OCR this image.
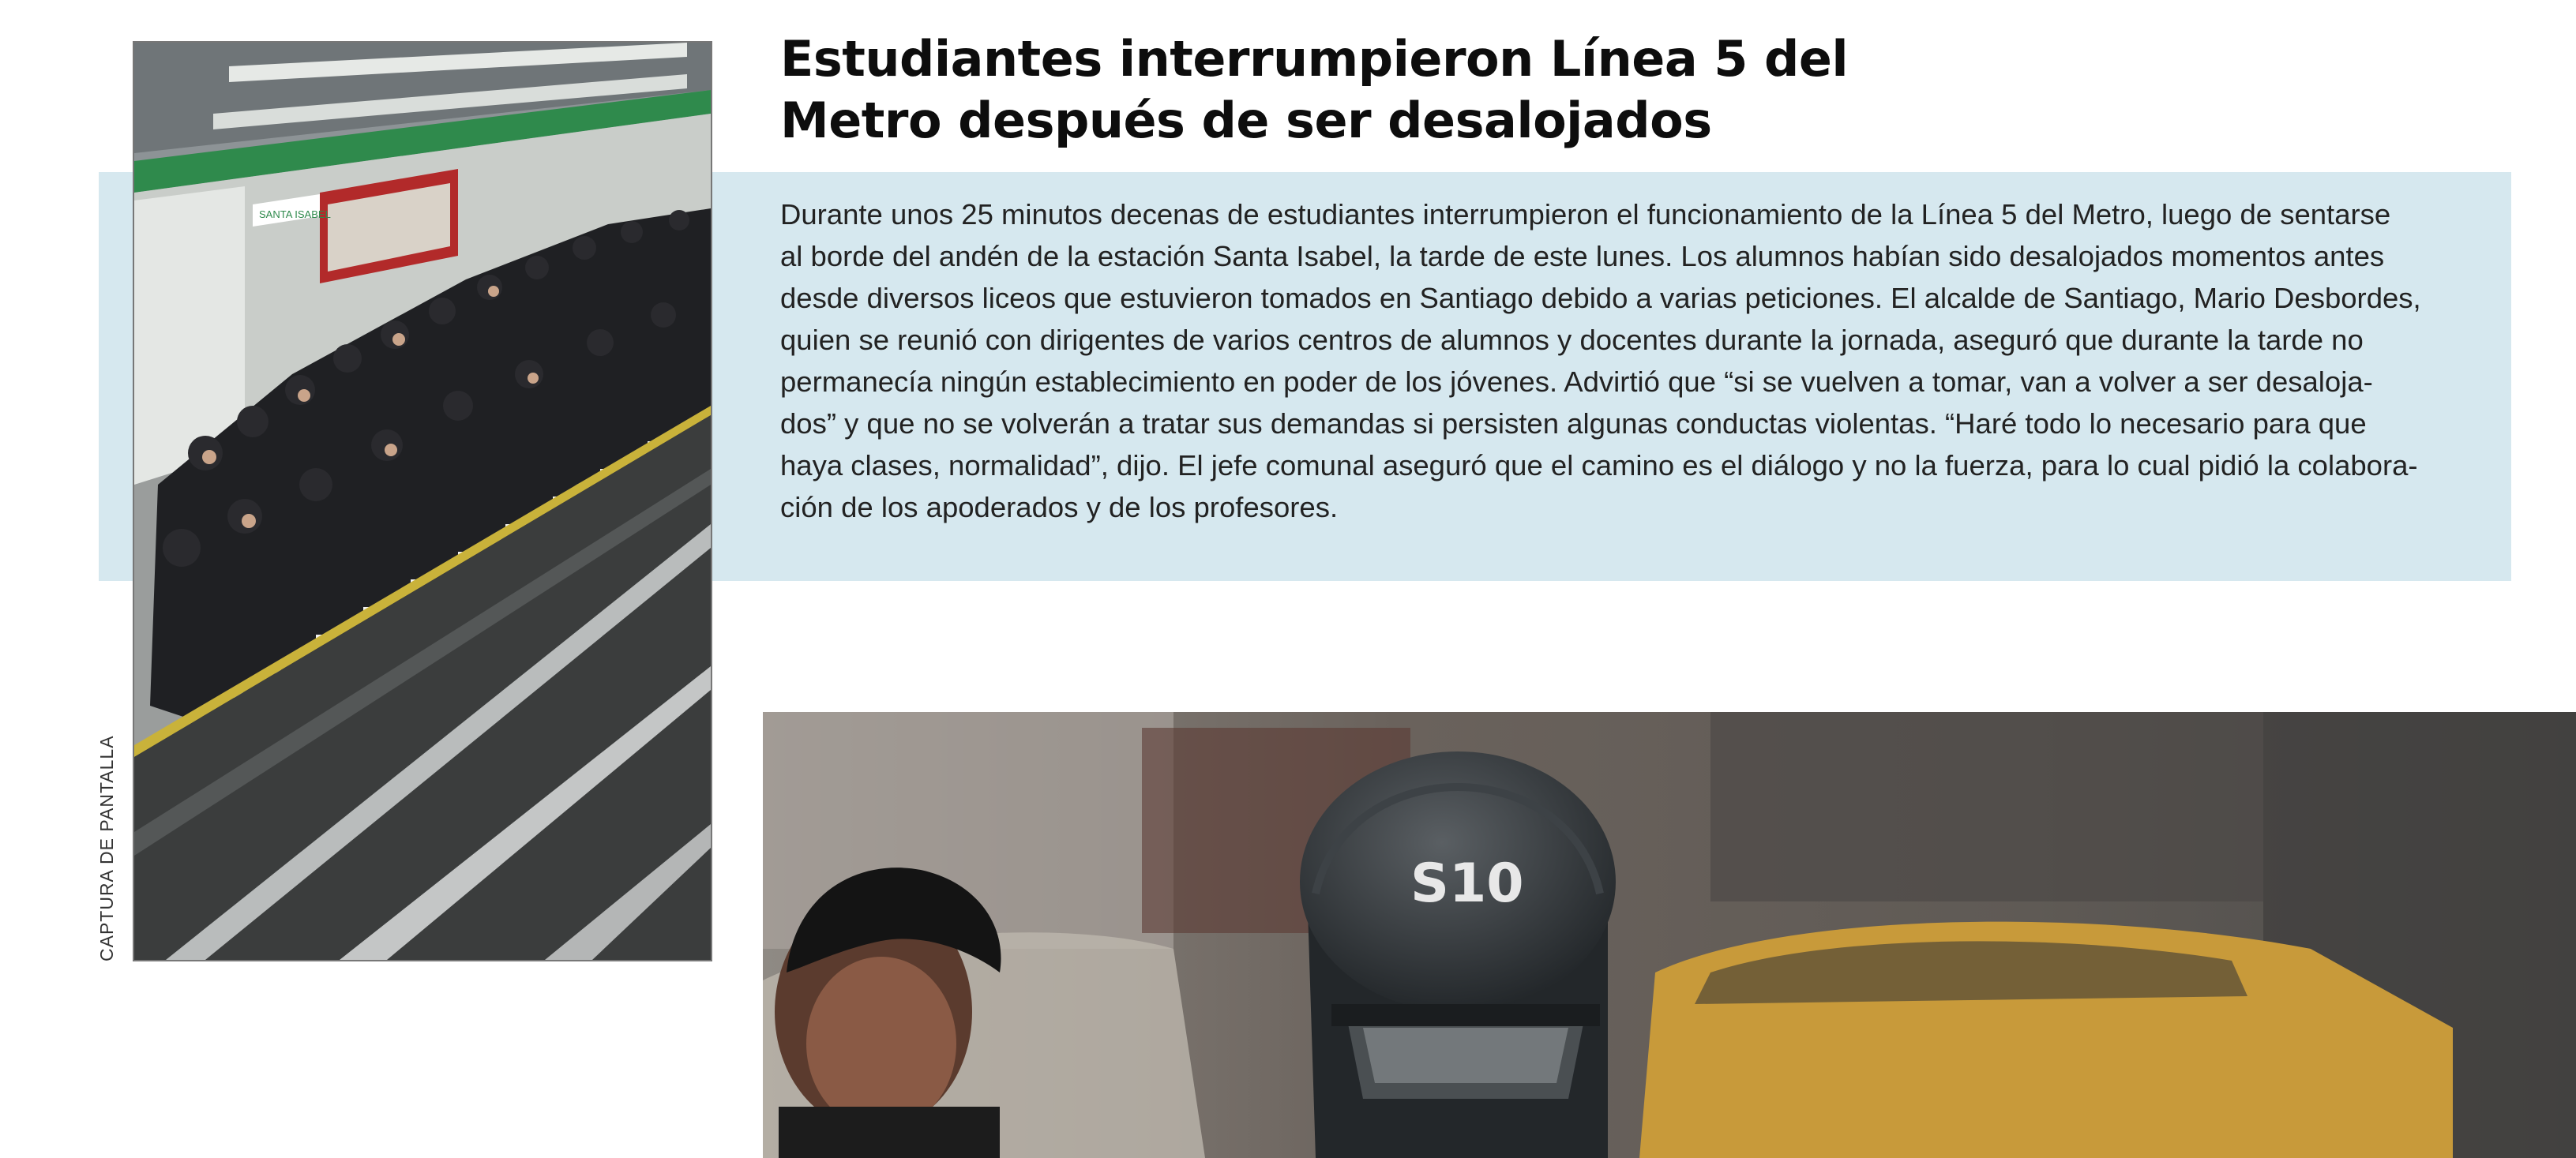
Estudiantes interrumpieron Línea 5 del
Metro después de ser desalojados

Durante unos 25 minutos decenas de estudiantes interrumpieron el funcionamiento de la Línea 5 del Metro, luego de sentarse
al borde del andén de la estación Santa Isabel, la tarde de este lunes. Los alumnos habían sido desalojados momentos antes
desde diversos liceos que estuvieron tomados en Santiago debido a varias peticiones. El alcalde de Santiago, Mario Desbordes,
quien se reunió con dirigentes de varios centros de alumnos y docentes durante la jornada, aseguró que durante la tarde no
permanecía ningún establecimiento en poder de los jóvenes. Advirtió que “si se vuelven a tomar, van a volver a ser desaloja-
dos” y que no se volverán a tratar sus demandas si persisten algunas conductas violentas. “Haré todo lo necesario para que
haya clases, normalidad”, dijo. El jefe comunal aseguró que el camino es el diálogo y no la fuerza, para lo cual pidió la colabora-
ción de los apoderados y de los profesores.

SANTA ISABEL
CAPTURA DE PANTALLA	S10
